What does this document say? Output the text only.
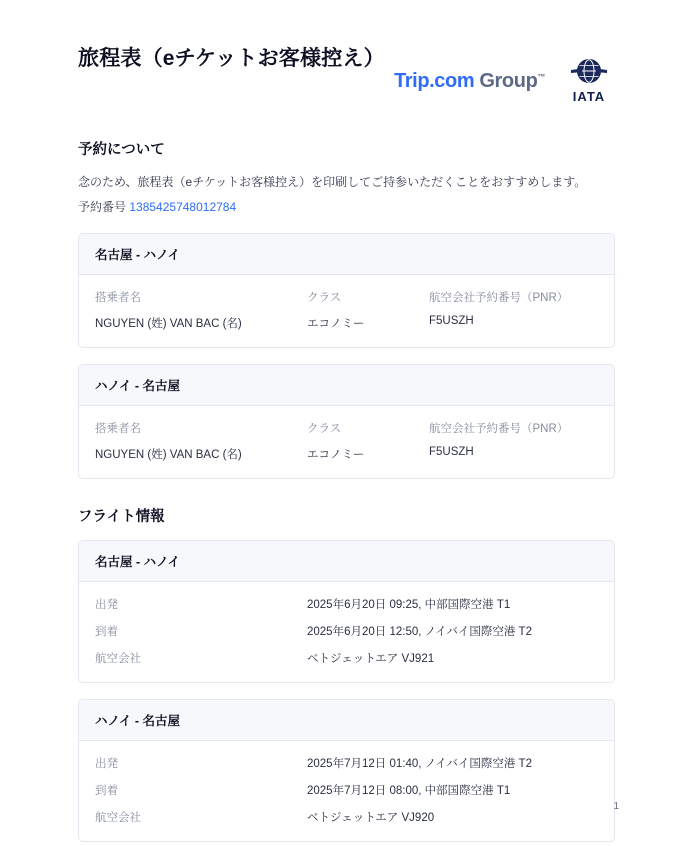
旅程表（eチケットお客様控え）
Trip.com Group™
IATA
予約について

念のため、旅程表（eチケットお客様控え）を印刷してご持参いただくことをおすすめします。

予約番号 1385425748012784

名古屋 - ハノイ
搭乗者名	クラス	航空会社予約番号（PNR）
NGUYEN (姓) VAN BAC (名)	エコノミー	F5USZH
ハノイ - 名古屋
搭乗者名	クラス	航空会社予約番号（PNR）
NGUYEN (姓) VAN BAC (名)	エコノミー	F5USZH
フライト情報
名古屋 - ハノイ
出発	2025年6月20日 09:25, 中部国際空港 T1
到着	2025年6月20日 12:50, ノイバイ国際空港 T2
航空会社	ベトジェットエア VJ921
ハノイ - 名古屋
出発	2025年7月12日 01:40, ノイバイ国際空港 T2
到着	2025年7月12日 08:00, 中部国際空港 T1
航空会社	ベトジェットエア VJ920
1
